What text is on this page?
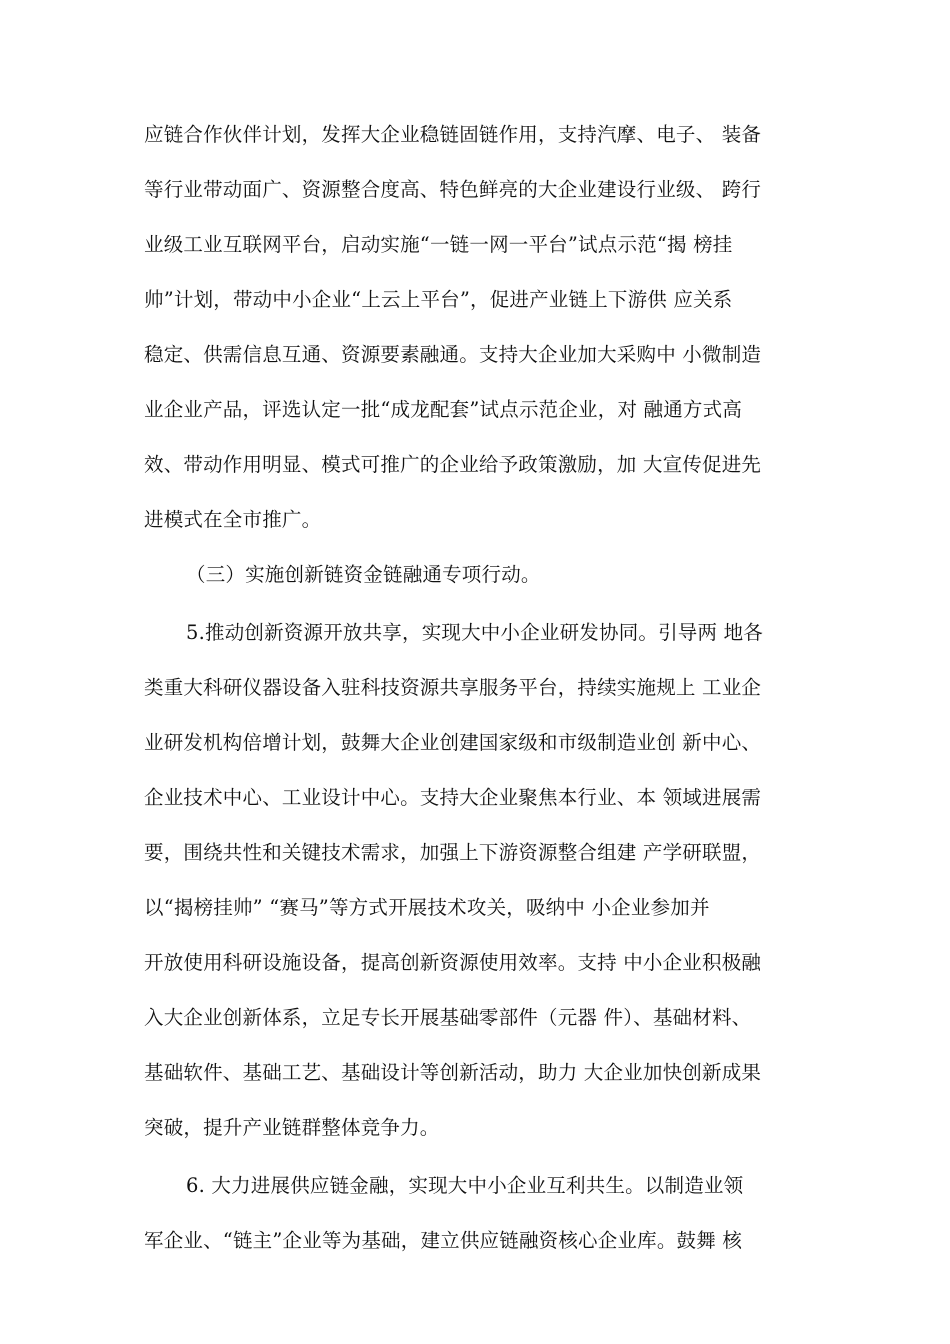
应链合作伙伴计划，发挥大企业稳链固链作用，支持汽摩、电子、 装备
等行业带动面广、资源整合度高、特色鲜亮的大企业建设行业级、 跨行
业级工业互联网平台，启动实施“一链一网一平台”试点示范“揭 榜挂
帅”计划，带动中小企业“上云上平台”，促进产业链上下游供 应关系
稳定、供需信息互通、资源要素融通。支持大企业加大采购中 小微制造
业企业产品，评选认定一批“成龙配套”试点示范企业，对 融通方式高
效、带动作用明显、模式可推广的企业给予政策激励，加 大宣传促进先
进模式在全市推广。
（三）实施创新链资金链融通专项行动。
5.推动创新资源开放共享，实现大中小企业研发协同。引导两 地各
类重大科研仪器设备入驻科技资源共享服务平台，持续实施规上 工业企
业研发机构倍增计划，鼓舞大企业创建国家级和市级制造业创 新中心、
企业技术中心、工业设计中心。支持大企业聚焦本行业、本 领域进展需
要，围绕共性和关键技术需求，加强上下游资源整合组建 产学研联盟，
以“揭榜挂帅” “赛马”等方式开展技术攻关，吸纳中 小企业参加并
开放使用科研设施设备，提高创新资源使用效率。支持 中小企业积极融
入大企业创新体系，立足专长开展基础零部件（元器 件）、基础材料、
基础软件、基础工艺、基础设计等创新活动，助力 大企业加快创新成果
突破，提升产业链群整体竞争力。
6. 大力进展供应链金融，实现大中小企业互利共生。以制造业领
军企业、“链主”企业等为基础，建立供应链融资核心企业库。鼓舞 核
